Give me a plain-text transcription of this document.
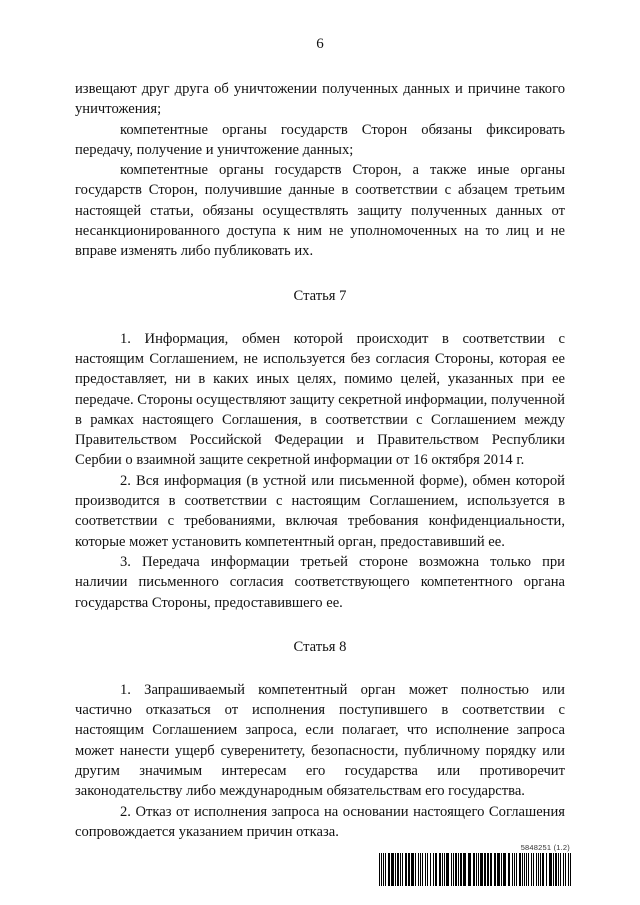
6

извещают друг друга об уничтожении полученных данных и причине такого уничтожения;

компетентные органы государств Сторон обязаны фиксировать передачу, получение и уничтожение данных;

компетентные органы государств Сторон, а также иные органы государств Сторон, получившие данные в соответствии с абзацем третьим настоящей статьи, обязаны осуществлять защиту полученных данных от несанкционированного доступа к ним не уполномоченных на то лиц и не вправе изменять либо публиковать их.

Статья 7

1. Информация, обмен которой происходит в соответствии с настоящим Соглашением, не используется без согласия Стороны, которая ее предоставляет, ни в каких иных целях, помимо целей, указанных при ее передаче. Стороны осуществляют защиту секретной информации, полученной в рамках настоящего Соглашения, в соответствии с Соглашением между Правительством Российской Федерации и Правительством Республики Сербии о взаимной защите секретной информации от 16 октября 2014 г.

2. Вся информация (в устной или письменной форме), обмен которой производится в соответствии с настоящим Соглашением, используется в соответствии с требованиями, включая требования конфиденциальности, которые может установить компетентный орган, предоставивший ее.

3. Передача информации третьей стороне возможна только при наличии письменного согласия соответствующего компетентного органа государства Стороны, предоставившего ее.

Статья 8

1. Запрашиваемый компетентный орган может полностью или частично отказаться от исполнения поступившего в соответствии с настоящим Соглашением запроса, если полагает, что исполнение запроса может нанести ущерб суверенитету, безопасности, публичному порядку или другим значимым интересам его государства или противоречит законодательству либо международным обязательствам его государства.

2. Отказ от исполнения запроса на основании настоящего Соглашения сопровождается указанием причин отказа.

5848251 (1.2)
